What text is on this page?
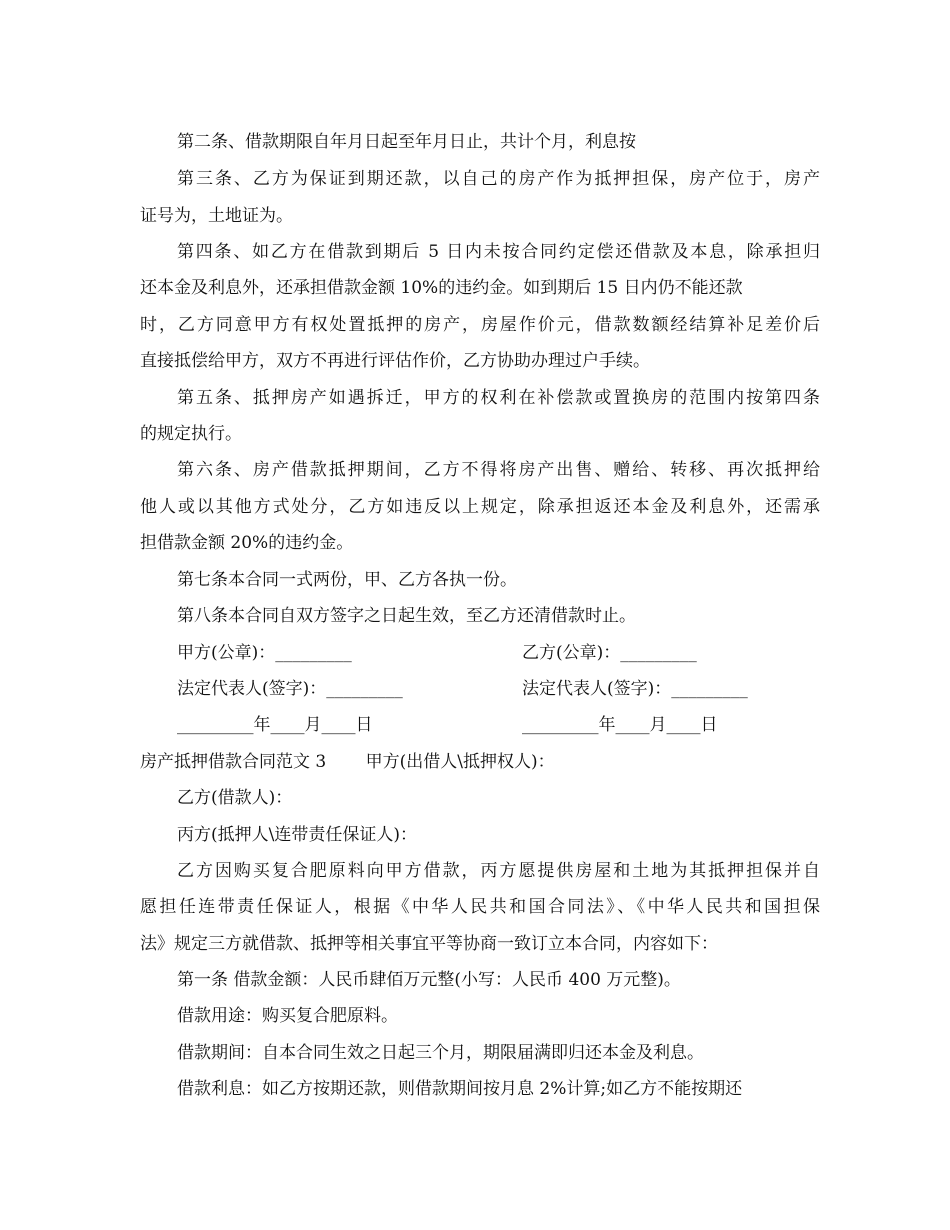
第二条、借款期限自年月日起至年月日止，共计个月，利息按
第三条、乙方为保证到期还款，以自己的房产作为抵押担保，房产位于，房产
证号为，土地证为。
第四条、如乙方在借款到期后 5 日内未按合同约定偿还借款及本息，除承担归
还本金及利息外，还承担借款金额 10%的违约金。如到期后 15 日内仍不能还款
时，乙方同意甲方有权处置抵押的房产，房屋作价元，借款数额经结算补足差价后
直接抵偿给甲方，双方不再进行评估作价，乙方协助办理过户手续。
第五条、抵押房产如遇拆迁，甲方的权利在补偿款或置换房的范围内按第四条
的规定执行。
第六条、房产借款抵押期间，乙方不得将房产出售、赠给、转移、再次抵押给
他人或以其他方式处分，乙方如违反以上规定，除承担返还本金及利息外，还需承
担借款金额 20%的违约金。
第七条本合同一式两份，甲、乙方各执一份。
第八条本合同自双方签字之日起生效，至乙方还清借款时止。
甲方(公章)：_________	乙方(公章)：_________
法定代表人(签字)：_________	法定代表人(签字)：_________
_________年____月____日	_________年____月____日
房产抵押借款合同范文 3　　 甲方(出借人\抵押权人)：
乙方(借款人)：
丙方(抵押人\连带责任保证人)：
乙方因购买复合肥原料向甲方借款，丙方愿提供房屋和土地为其抵押担保并自
愿担任连带责任保证人，根据《中华人民共和国合同法》、《中华人民共和国担保
法》规定三方就借款、抵押等相关事宜平等协商一致订立本合同，内容如下：
第一条 借款金额：人民币肆佰万元整(小写：人民币 400 万元整)。
借款用途：购买复合肥原料。
借款期间：自本合同生效之日起三个月，期限届满即归还本金及利息。
借款利息：如乙方按期还款，则借款期间按月息 2%计算;如乙方不能按期还
